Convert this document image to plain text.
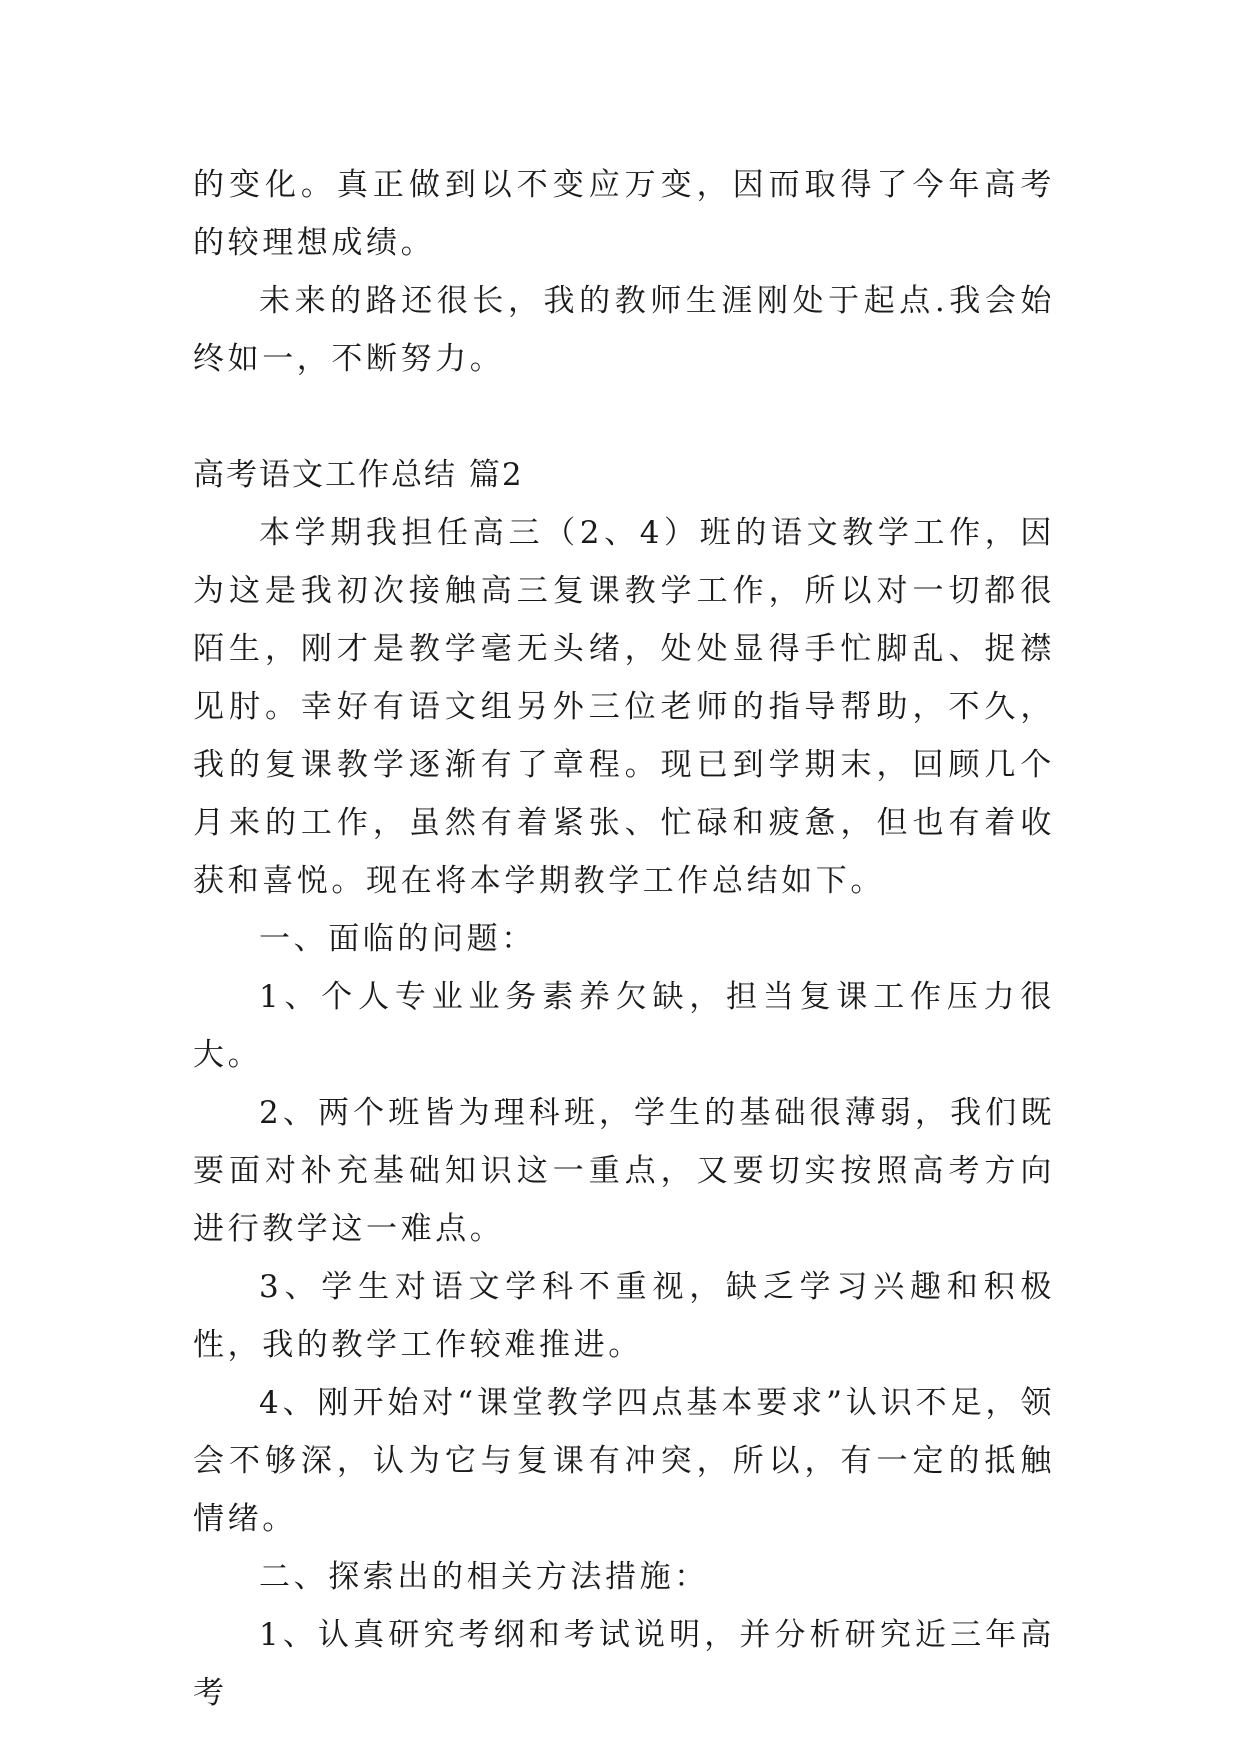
的变化。真正做到以不变应万变，因而取得了今年高考的较理想成绩。

未来的路还很长，我的教师生涯刚处于起点.我会始终如一，不断努力。

高考语文工作总结 篇2

本学期我担任高三（2、4）班的语文教学工作，因为这是我初次接触高三复课教学工作，所以对一切都很陌生，刚才是教学毫无头绪，处处显得手忙脚乱、捉襟见肘。幸好有语文组另外三位老师的指导帮助，不久，我的复课教学逐渐有了章程。现已到学期末，回顾几个月来的工作，虽然有着紧张、忙碌和疲惫，但也有着收获和喜悦。现在将本学期教学工作总结如下。

一、面临的问题：

1、个人专业业务素养欠缺，担当复课工作压力很大。

2、两个班皆为理科班，学生的基础很薄弱，我们既要面对补充基础知识这一重点，又要切实按照高考方向进行教学这一难点。

3、学生对语文学科不重视，缺乏学习兴趣和积极性，我的教学工作较难推进。

4、刚开始对“课堂教学四点基本要求”认识不足，领会不够深，认为它与复课有冲突，所以，有一定的抵触情绪。

二、探索出的相关方法措施：

1、认真研究考纲和考试说明，并分析研究近三年高考
